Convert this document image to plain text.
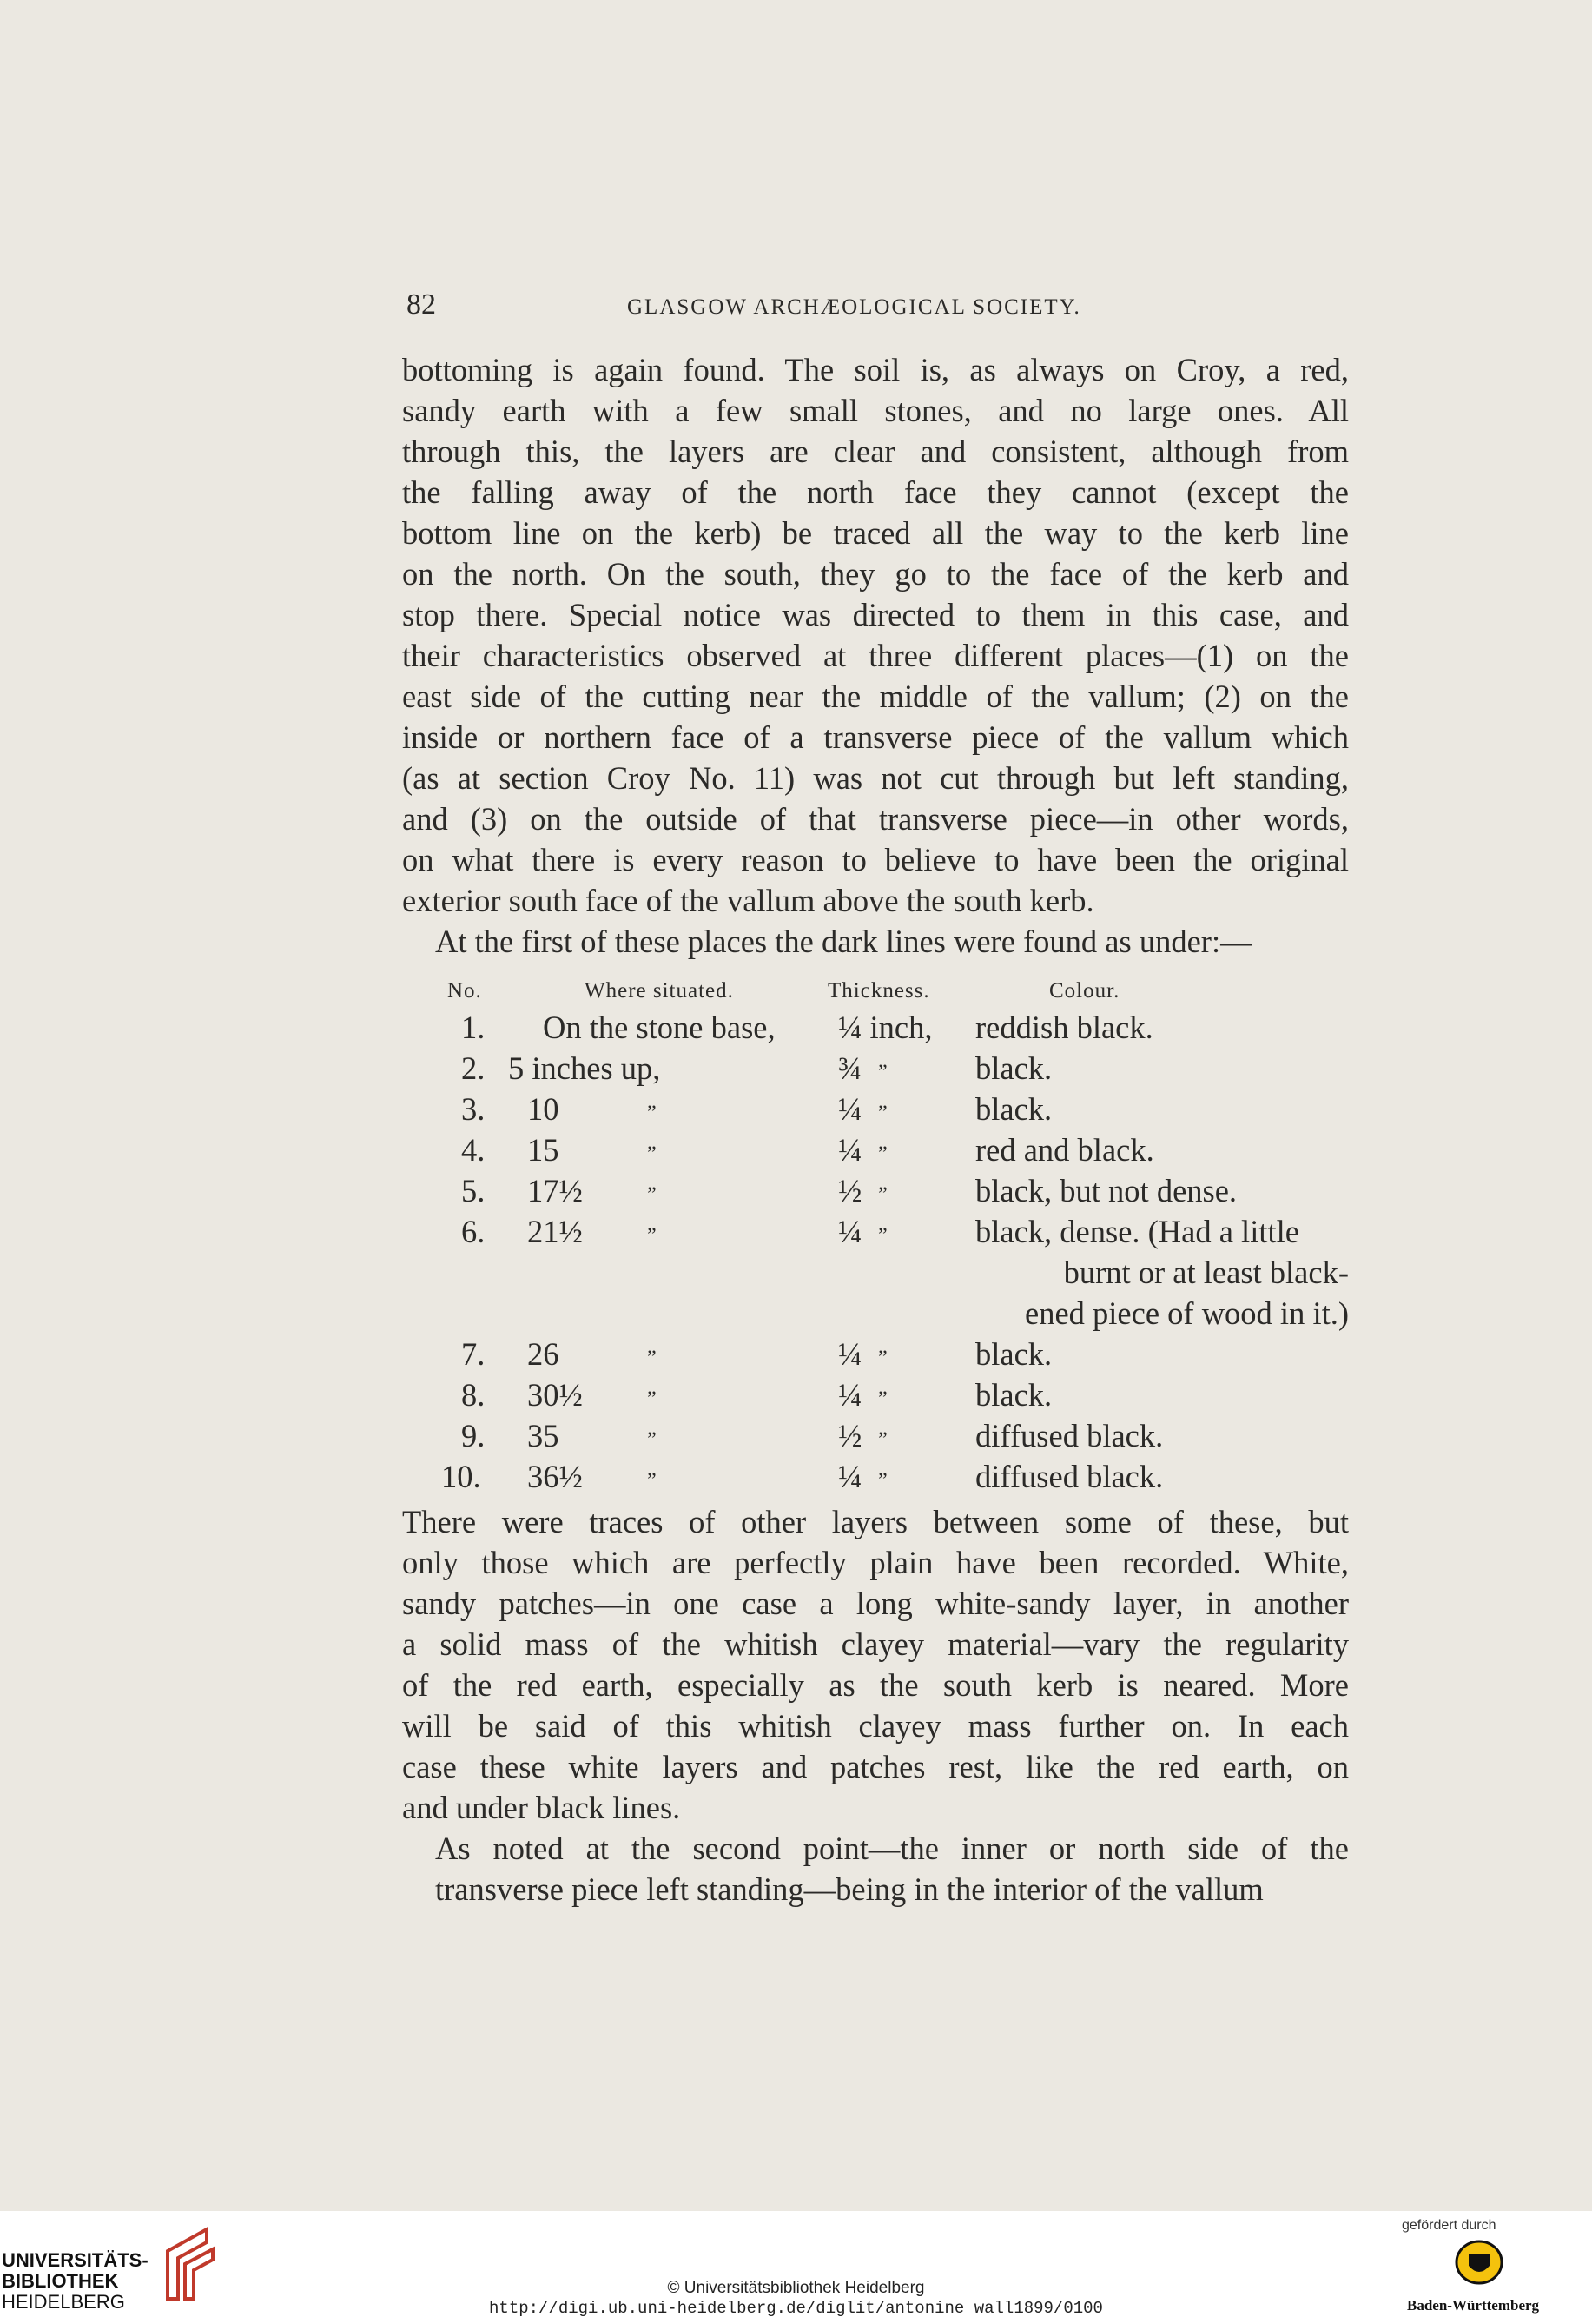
82	GLASGOW ARCHÆOLOGICAL SOCIETY.

bottoming is again found. The soil is, as always on Croy, a red,
sandy earth with a few small stones, and no large ones. All
through this, the layers are clear and consistent, although from
the falling away of the north face they cannot (except the
bottom line on the kerb) be traced all the way to the kerb line
on the north. On the south, they go to the face of the kerb and
stop there. Special notice was directed to them in this case, and
their characteristics observed at three different places—(1) on the
east side of the cutting near the middle of the vallum; (2) on the
inside or northern face of a transverse piece of the vallum which
(as at section Croy No. 11) was not cut through but left standing,
and (3) on the outside of that transverse piece—in other words,
on what there is every reason to believe to have been the original
exterior south face of the vallum above the south kerb.

At the first of these places the dark lines were found as under:—

No.	Where situated.	Thickness.	Colour.
1. On the stone base, ¼ inch, reddish black.
2. 5 inches up,	¾ „	black.
3. 10	„	¼ „	black.
4. 15	„	¼ „	red and black.
5. 17½	„	½ „	black, but not dense.
6. 21½	„	¼ „	black, dense. (Had a little
burnt or at least black-
ened piece of wood in it.)
7. 26	„	¼ „	black.
8. 30½	„	¼ „	black.
9. 35	„	½ „	diffused black.
10. 36½	„	¼ „	diffused black.

There were traces of other layers between some of these, but
only those which are perfectly plain have been recorded. White,
sandy patches—in one case a long white-sandy layer, in another
a solid mass of the whitish clayey material—vary the regularity
of the red earth, especially as the south kerb is neared. More
will be said of this whitish clayey mass further on. In each
case these white layers and patches rest, like the red earth, on
and under black lines.

As noted at the second point—the inner or north side of the
transverse piece left standing—being in the interior of the vallum

UNIVERSITÄTS-
BIBLIOTHEK
HEIDELBERG
© Universitätsbibliothek Heidelberg
http://digi.ub.uni-heidelberg.de/diglit/antonine_wall1899/0100
gefördert durch
Baden-Württemberg
